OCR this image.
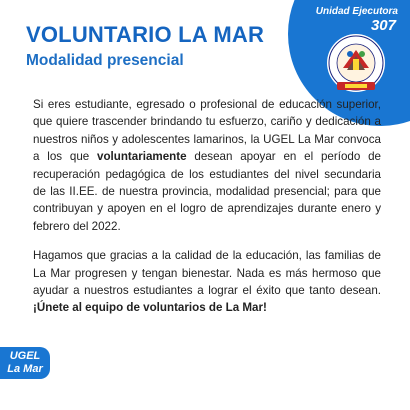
VOLUNTARIO LA MAR
Modalidad presencial
Unidad Ejecutora
307

Si eres estudiante, egresado o profesional de educación superior, que quiere trascender brindando tu esfuerzo, cariño y dedicación a nuestros niños y adolescentes lamarinos, la UGEL La Mar convoca a los que voluntariamente desean apoyar en el período de recuperación pedagógica de los estudiantes del nivel secundaria de las II.EE. de nuestra provincia, modalidad presencial; para que contribuyan y apoyen en el logro de aprendizajes durante enero y febrero del 2022.

Hagamos que gracias a la calidad de la educación, las familias de La Mar progresen y tengan bienestar. Nada es más hermoso que ayudar a nuestros estudiantes a lograr el éxito que tanto desean. ¡Únete al equipo de voluntarios de La Mar!

UGEL
La Mar
